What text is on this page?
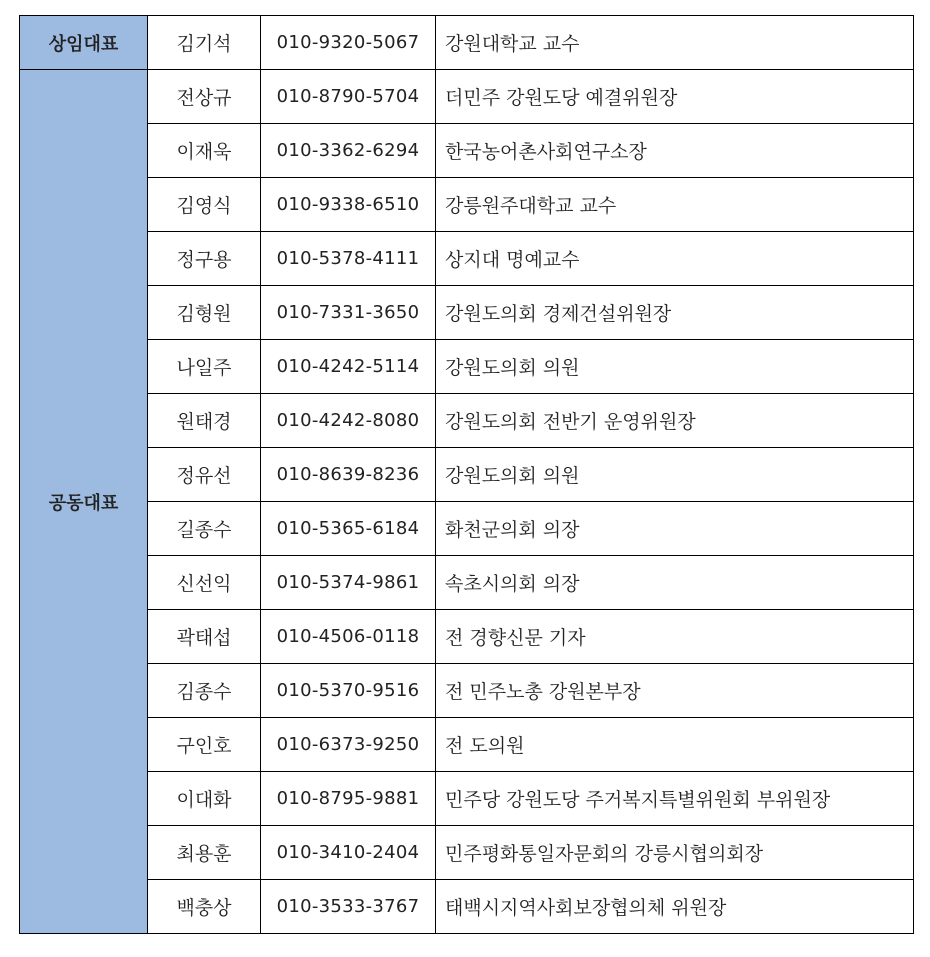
상임대표	김기석	010-9320-5067	강원대학교 교수
공동대표	전상규	010-8790-5704	더민주 강원도당 예결위원장
	이재욱	010-3362-6294	한국농어촌사회연구소장
	김영식	010-9338-6510	강릉원주대학교 교수
	정구용	010-5378-4111	상지대 명예교수
	김형원	010-7331-3650	강원도의회 경제건설위원장
	나일주	010-4242-5114	강원도의회 의원
	원태경	010-4242-8080	강원도의회 전반기 운영위원장
	정유선	010-8639-8236	강원도의회 의원
	길종수	010-5365-6184	화천군의회 의장
	신선익	010-5374-9861	속초시의회 의장
	곽태섭	010-4506-0118	전 경향신문 기자
	김종수	010-5370-9516	전 민주노총 강원본부장
	구인호	010-6373-9250	전 도의원
	이대화	010-8795-9881	민주당 강원도당 주거복지특별위원회 부위원장
	최용훈	010-3410-2404	민주평화통일자문회의 강릉시협의회장
	백충상	010-3533-3767	태백시지역사회보장협의체 위원장
